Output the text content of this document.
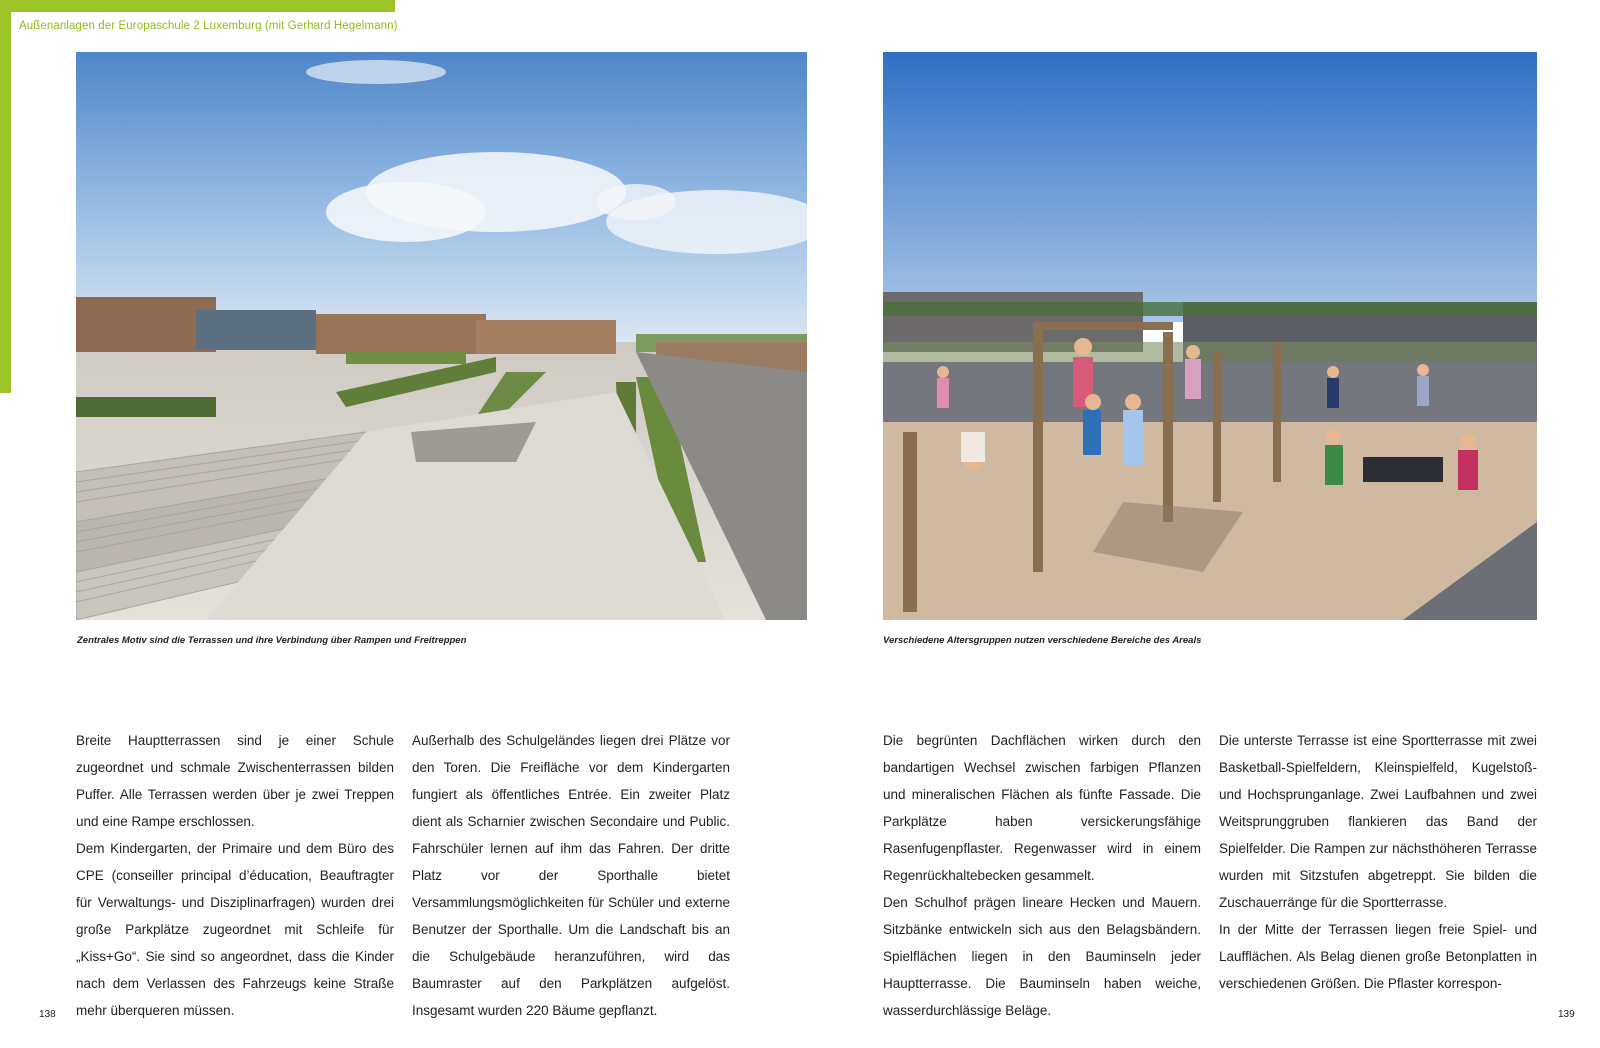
Außenanlagen der Europaschule 2 Luxemburg (mit Gerhard Hegelmann)
Zentrales Motiv sind die Terrassen und ihre Verbindung über Rampen und Freitreppen	Verschiedene Altersgruppen nutzen verschiedene Bereiche des Areals

Breite Hauptterrassen sind je einer Schule zugeordnet und schmale Zwischenterrassen bilden Puffer. Alle Terrassen werden über je zwei Treppen und eine Rampe erschlossen.

Dem Kindergarten, der Primaire und dem Büro des CPE (conseiller principal d’éducation, Beauftragter für Verwaltungs- und Disziplinarfragen) wurden drei große Parkplätze zugeordnet mit Schleife für „Kiss+Go“. Sie sind so angeordnet, dass die Kinder nach dem Verlassen des Fahrzeugs keine Straße mehr überqueren müssen.

Außerhalb des Schulgeländes liegen drei Plätze vor den Toren. Die Freifläche vor dem Kindergarten fungiert als öffentliches Entrée. Ein zweiter Platz dient als Scharnier zwischen Secondaire und Public. Fahrschüler lernen auf ihm das Fahren. Der dritte Platz vor der Sporthalle bietet Versammlungsmöglichkeiten für Schüler und externe Benutzer der Sporthalle. Um die Landschaft bis an die Schulgebäude heranzuführen, wird das Baumraster auf den Parkplätzen aufgelöst. Insgesamt wurden 220 Bäume gepflanzt.

Die begrünten Dachflächen wirken durch den bandartigen Wechsel zwischen farbigen Pflanzen und mineralischen Flächen als fünfte Fassade. Die Parkplätze haben versickerungsfähige Rasenfugenpflaster. Regenwasser wird in einem Regenrückhaltebecken gesammelt.

Den Schulhof prägen lineare Hecken und Mauern. Sitzbänke entwickeln sich aus den Belagsbändern. Spielflächen liegen in den Bauminseln jeder Hauptterrasse. Die Bauminseln haben weiche, wasserdurchlässige Beläge.

Die unterste Terrasse ist eine Sportterrasse mit zwei Basketball-Spielfeldern, Kleinspielfeld, Kugelstoß- und Hochsprunganlage. Zwei Laufbahnen und zwei Weitsprunggruben flankieren das Band der Spielfelder. Die Rampen zur nächsthöheren Terrasse wurden mit Sitzstufen abgetreppt. Sie bilden die Zuschauerränge für die Sportterrasse.

In der Mitte der Terrassen liegen freie Spiel- und Laufflächen. Als Belag dienen große Betonplatten in verschiedenen Größen. Die Pflaster korrespon-

138	139
